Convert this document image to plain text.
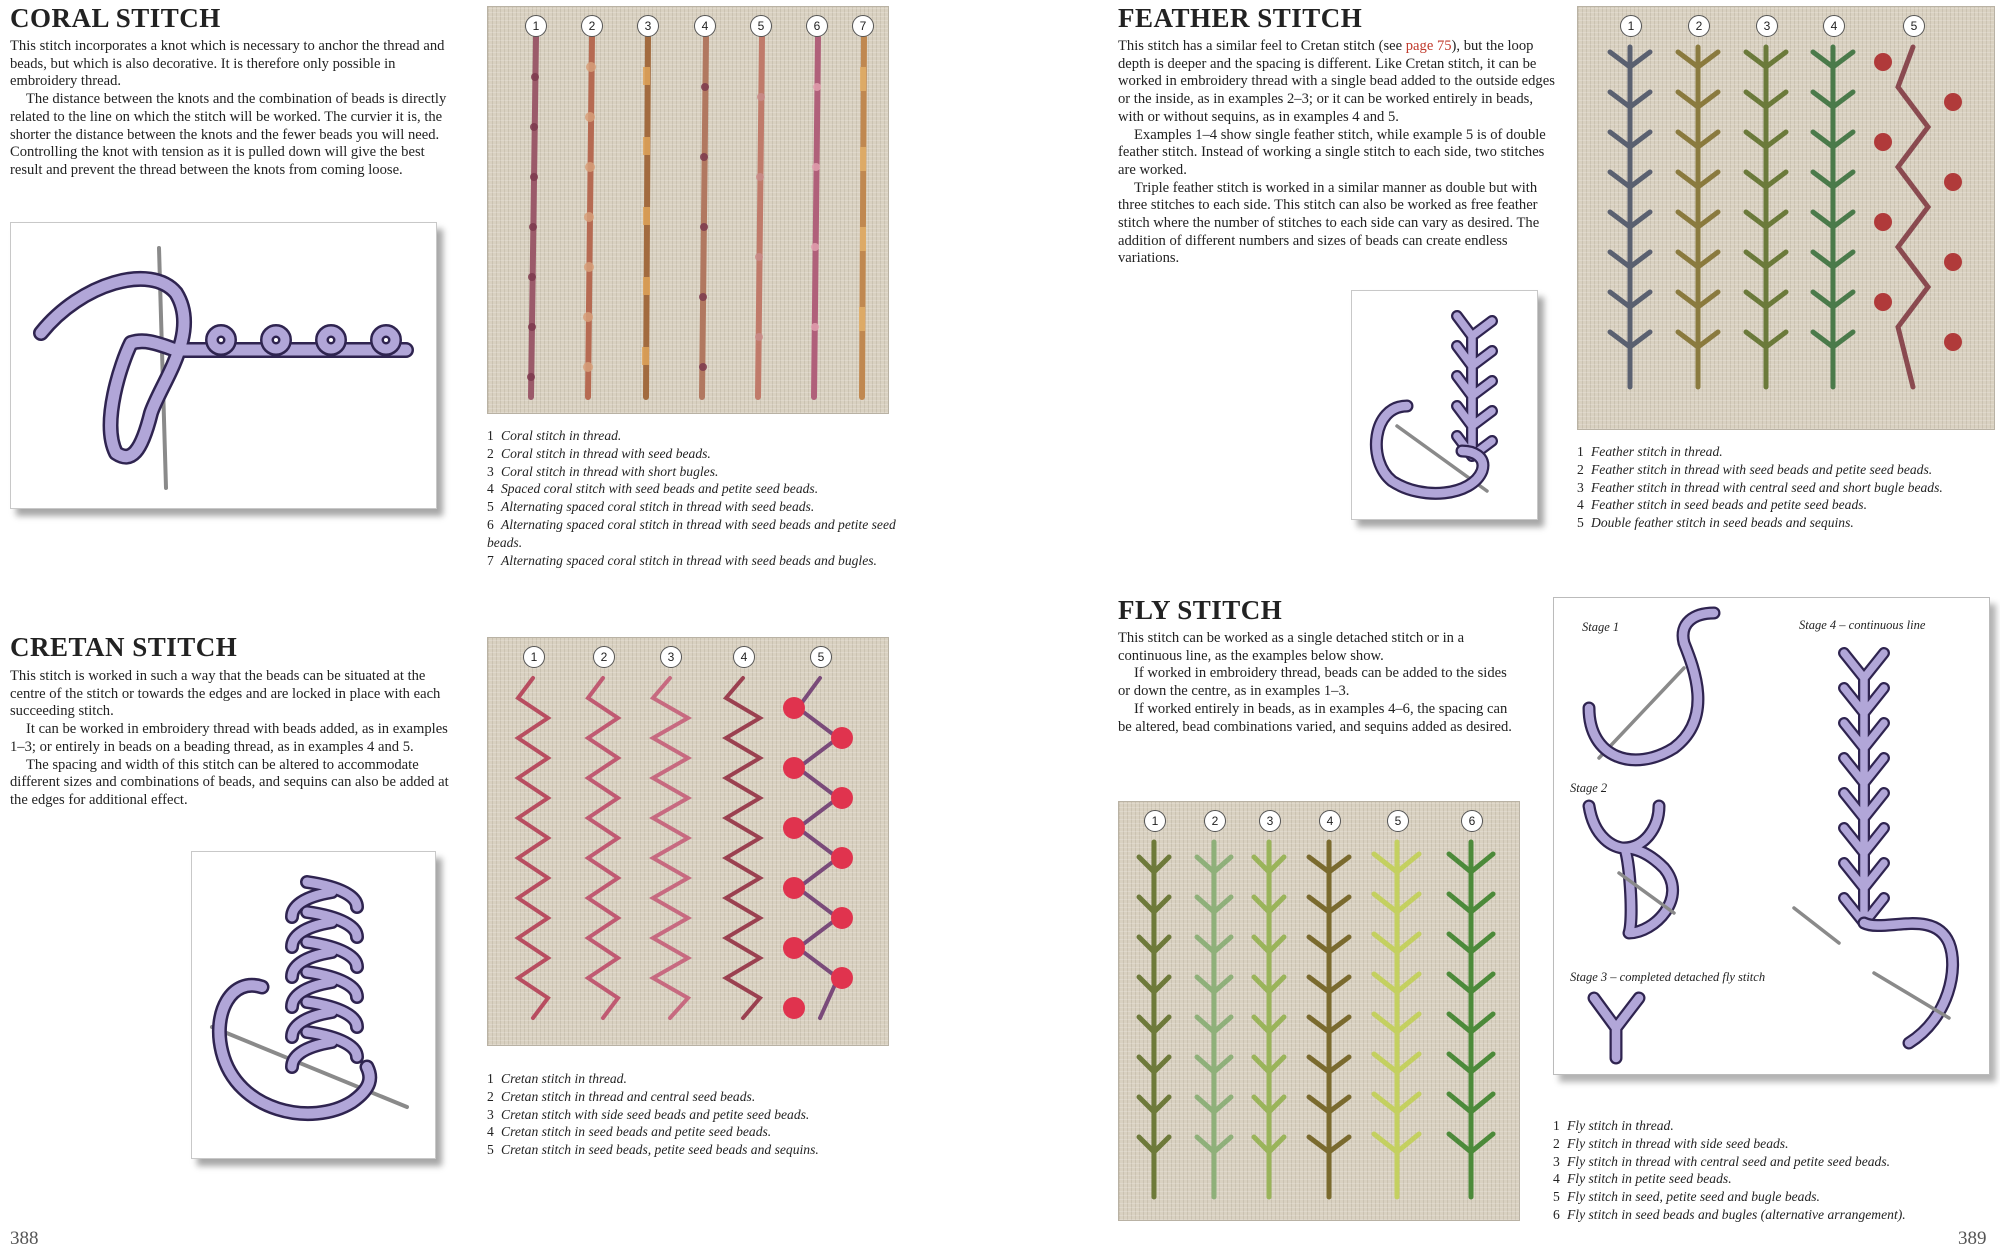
CORAL STITCH

This stitch incorporates a knot which is necessary to anchor the thread and beads, but which is also decorative. It is therefore only possible in embroidery thread.

The distance between the knots and the combination of beads is directly related to the line on which the stitch will be worked. The curvier it is, the shorter the distance between the knots and the fewer beads you will need. Controlling the knot with tension as it is pulled down will give the best result and prevent the thread between the knots from coming loose.

1	2	3	4	5	6	7
1 Coral stitch in thread.
2 Coral stitch in thread with seed beads.
3 Coral stitch in thread with short bugles.
4 Spaced coral stitch with seed beads and petite seed beads.
5 Alternating spaced coral stitch in thread with seed beads.
6 Alternating spaced coral stitch in thread with seed beads and petite seed beads.
7 Alternating spaced coral stitch in thread with seed beads and bugles.
CRETAN STITCH

This stitch is worked in such a way that the beads can be situated at the centre of the stitch or towards the edges and are locked in place with each succeeding stitch.

It can be worked in embroidery thread with beads added, as in examples 1–3; or entirely in beads on a beading thread, as in examples 4 and 5.

The spacing and width of this stitch can be altered to accommodate different sizes and combinations of beads, and sequins can also be added at the edges for additional effect.

1	2	3	4	5
1 Cretan stitch in thread.
2 Cretan stitch in thread and central seed beads.
3 Cretan stitch with side seed beads and petite seed beads.
4 Cretan stitch in seed beads and petite seed beads.
5 Cretan stitch in seed beads, petite seed beads and sequins.
388
FEATHER STITCH

This stitch has a similar feel to Cretan stitch (see page 75), but the loop depth is deeper and the spacing is different. Like Cretan stitch, it can be worked in embroidery thread with a single bead added to the outside edges or the inside, as in examples 2–3; or it can be worked entirely in beads, with or without sequins, as in examples 4 and 5.

Examples 1–4 show single feather stitch, while example 5 is of double feather stitch. Instead of working a single stitch to each side, two stitches are worked.

Triple feather stitch is worked in a similar manner as double but with three stitches to each side. This stitch can also be worked as free feather stitch where the number of stitches to each side can vary as desired. The addition of different numbers and sizes of beads can create endless variations.

1	2	3	4	5
1 Feather stitch in thread.
2 Feather stitch in thread with seed beads and petite seed beads.
3 Feather stitch in thread with central seed and short bugle beads.
4 Feather stitch in seed beads and petite seed beads.
5 Double feather stitch in seed beads and sequins.
FLY STITCH

This stitch can be worked as a single detached stitch or in a continuous line, as the examples below show.

If worked in embroidery thread, beads can be added to the sides or down the centre, as in examples 1–3.

If worked entirely in beads, as in examples 4–6, the spacing can be altered, bead combinations varied, and sequins added as desired.

1	2	3	4	5	6
Stage 1
Stage 2
Stage 3 – completed detached fly stitch
Stage 4 – continuous line
1 Fly stitch in thread.
2 Fly stitch in thread with side seed beads.
3 Fly stitch in thread with central seed and petite seed beads.
4 Fly stitch in petite seed beads.
5 Fly stitch in seed, petite seed and bugle beads.
6 Fly stitch in seed beads and bugles (alternative arrangement).
389
